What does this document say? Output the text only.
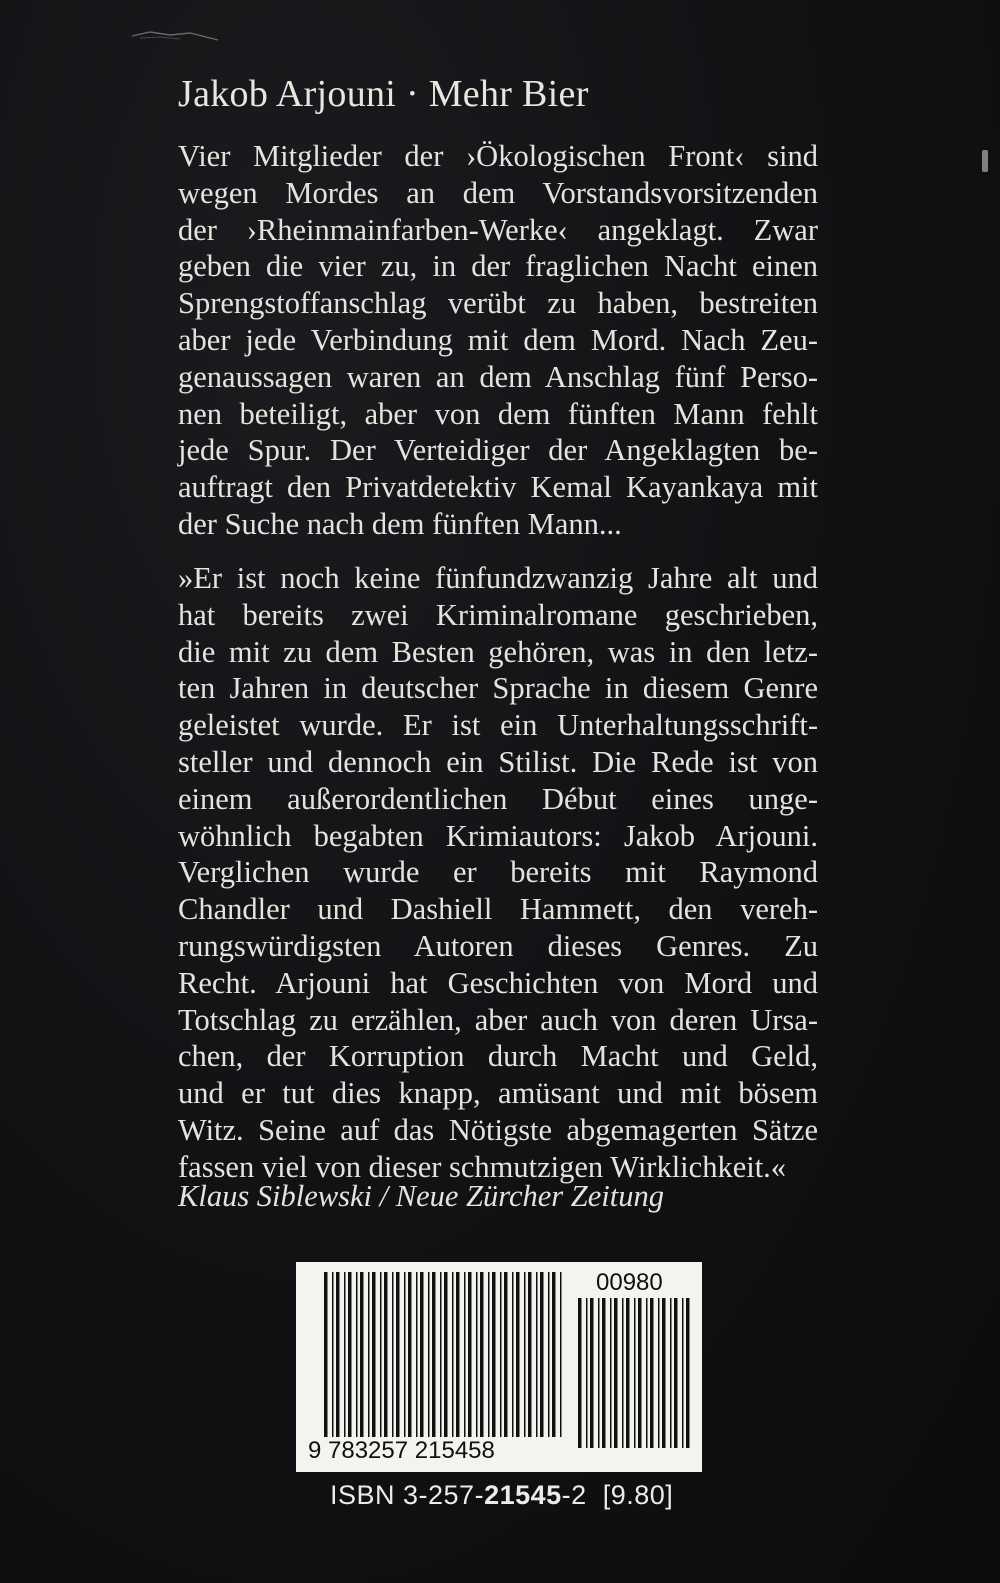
Jakob Arjouni · Mehr Bier
Vier Mitglieder der ›Ökologischen Front‹ sind
wegen Mordes an dem Vorstandsvorsitzenden
der ›Rheinmainfarben-Werke‹ angeklagt. Zwar
geben die vier zu, in der fraglichen Nacht einen
Sprengstoffanschlag verübt zu haben, bestreiten
aber jede Verbindung mit dem Mord. Nach Zeu-
genaussagen waren an dem Anschlag fünf Perso-
nen beteiligt, aber von dem fünften Mann fehlt
jede Spur. Der Verteidiger der Angeklagten be-
auftragt den Privatdetektiv Kemal Kayankaya mit
der Suche nach dem fünften Mann...
»Er ist noch keine fünfundzwanzig Jahre alt und
hat bereits zwei Kriminalromane geschrieben,
die mit zu dem Besten gehören, was in den letz-
ten Jahren in deutscher Sprache in diesem Genre
geleistet wurde. Er ist ein Unterhaltungsschrift-
steller und dennoch ein Stilist. Die Rede ist von
einem außerordentlichen Début eines unge-
wöhnlich begabten Krimiautors: Jakob Arjouni.
Verglichen wurde er bereits mit Raymond
Chandler und Dashiell Hammett, den vereh-
rungswürdigsten Autoren dieses Genres. Zu
Recht. Arjouni hat Geschichten von Mord und
Totschlag zu erzählen, aber auch von deren Ursa-
chen, der Korruption durch Macht und Geld,
und er tut dies knapp, amüsant und mit bösem
Witz. Seine auf das Nötigste abgemagerten Sätze
fassen viel von dieser schmutzigen Wirklichkeit.«
Klaus Siblewski / Neue Zürcher Zeitung
00980
9 783257 215458
ISBN 3-257-21545-2 [9.80]
